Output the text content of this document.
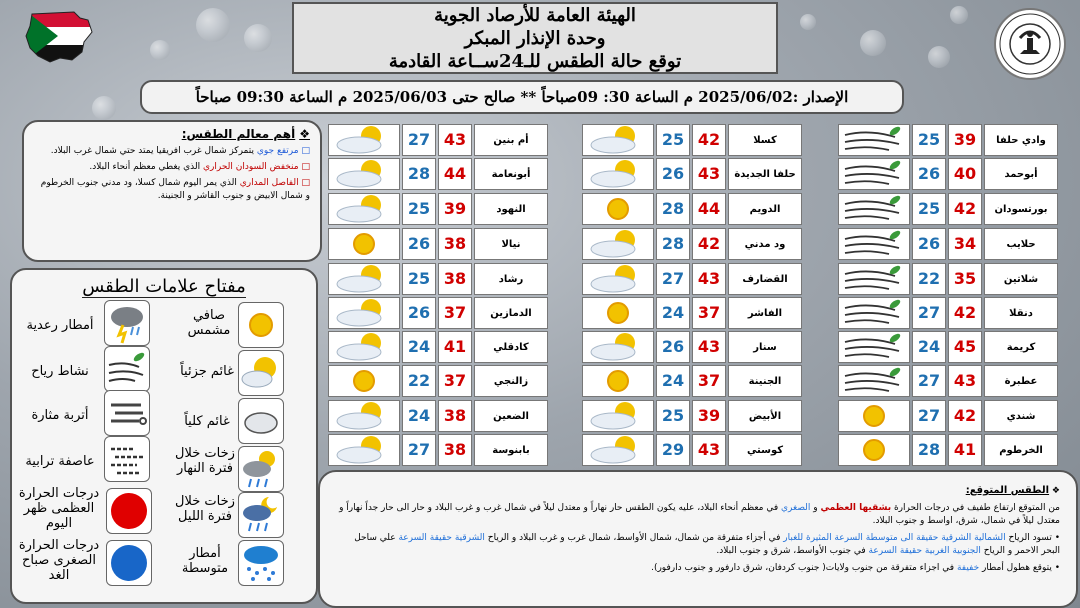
الهيئة العامة للأرصاد الجوية
وحدة الإنذار المبكر
توقع حالة الطقس للـ24ســاعة القادمة
الإصدار :2025/06/02 م الساعة 30: 09صباحاً ** صالح حتى 2025/06/03 م الساعة 09:30 صباحاً
❖
أهم معالم الطقس:
□ مرتفع جوي يتمركز شمال غرب افريقيا يمتد حتي شمال غرب البلاد.
□ منخفض السودان الحراري الذي يغطي معظم أنحاء البلاد.
□ الفاصل المداري الذي يمر اليوم شمال كسلا، ود مدني جنوب الخرطوم و شمال الابيض و جنوب القاشر و الجنينة.
مفتاح علامات الطقس
صافي مشمس
أمطار رعدية
غائم جزئياً
نشاط رياح
غائم كلياً
أتربة مثارة
زخات خلال فترة النهار
عاصفة ترابية
زخات خلال فترة الليل
درجات الحرارة العظمى ظهر اليوم
أمطار متوسطة
درجات الحرارة الصغرى صباح الغد
27 43	أم بنين
28 44	أبونعامة
25 39	النهود
26 38	نيالا
25 38	رشاد
26 37	الدمازين
24 41	كادقلي
22 37	زالنجي
24 38	الضعين
27 38	بابنوسة
25 42	كسلا
26 43	حلفا الجديدة
28 44	الدويم
28 42	ود مدني
27 43	القضارف
24 37	الفاشر
26 43	سنار
24 37	الجنينة
25 39	الأبيض
29 43	كوستي
25 39	وادي حلفا
26 40	أبوحمد
25 42	بورتسودان
26 34	حلايب
22 35	شلاتين
27 42	دنقلا
24 45	كريمة
27 43	عطبرة
27 42	شندي
28 41	الخرطوم
❖ الطقس المتوقع:

من المتوقع ارتفاع طفيف في درجات الحرارة بشقيها العظمي و الصغري في معظم أنحاء البلاد، عليه يكون الطقس حار نهاراً و معتدل ليلاً في شمال غرب و غرب البلاد و حار الى حار جداً نهاراً و معتدل ليلاً في شمال، شرق، اواسط و جنوب البلاد.

• تسود الرياح الشمالية الشرقية حقيقة الى متوسطة السرعة المثيرة للغبار في أجزاء متفرقة من شمال، شمال الأواسط، شمال غرب و غرب البلاد و الرياح الشرقية حقيقة السرعة علي ساحل البحر الاحمر و الرياح الجنوبية الغربية حقيقة السرعة في جنوب الأواسط، شرق و جنوب البلاد.

• يتوقع هطول أمطار خفيفة في اجزاء متفرقة من جنوب ولايات( جنوب كردفان، شرق دارفور و جنوب دارفور).
